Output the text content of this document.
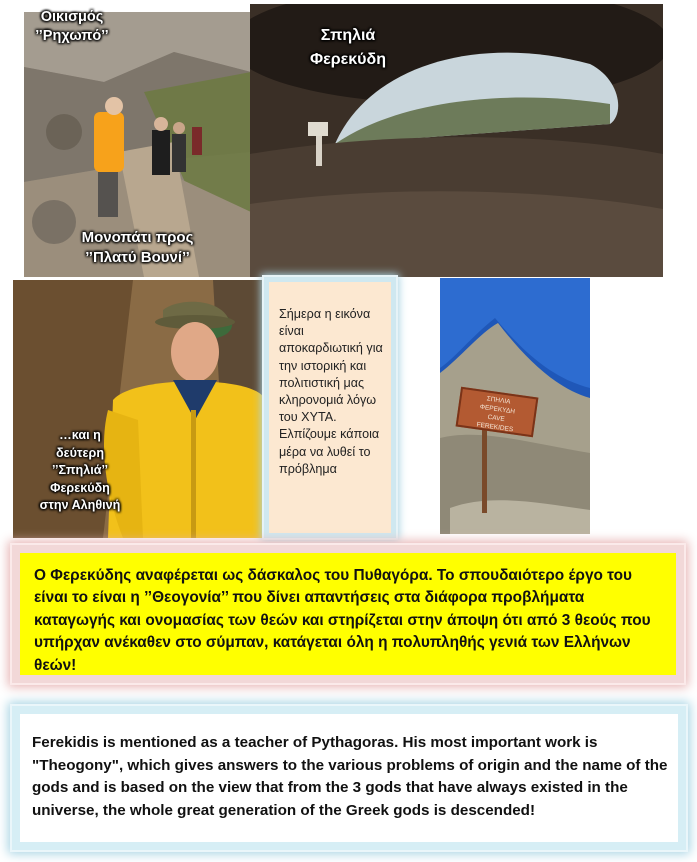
Οικισμός
’’Ρηχωπό’’
Μονοπάτι προς
’’Πλατύ Βουνί’’
Σπηλιά
Φερεκύδη
…και η
δεύτερη
’’Σπηλιά’’
Φερεκύδη
στην Αληθινή
Σήμερα η εικόνα είναι αποκαρδιωτική για την ιστορική και πολιτιστική μας κληρονομιά λόγω του ΧΥΤΑ. Ελπίζουμε κάποια μέρα να λυθεί το πρόβλημα
ΣΠΗΛΙΑ
ΦΕΡΕΚΥΔΗ
CAVE
FEREKIDES
Ο Φερεκύδης αναφέρεται ως δάσκαλος του Πυθαγόρα. Το σπουδαιότερο έργο του είναι το είναι η ’’Θεογονία’’ που δίνει απαντήσεις στα διάφορα προβλήματα καταγωγής και ονομασίας των θεών και στηρίζεται στην άποψη ότι από 3 θεούς που υπήρχαν ανέκαθεν στο σύμπαν, κατάγεται όλη η πολυπληθής γενιά των Ελλήνων θεών!
Ferekidis is mentioned as a teacher of Pythagoras. His most important work is "Theogony", which gives answers to the various problems of origin and the name of the gods and is based on the view that from the 3 gods that have always existed in the universe, the whole great generation of the Greek gods is descended!
